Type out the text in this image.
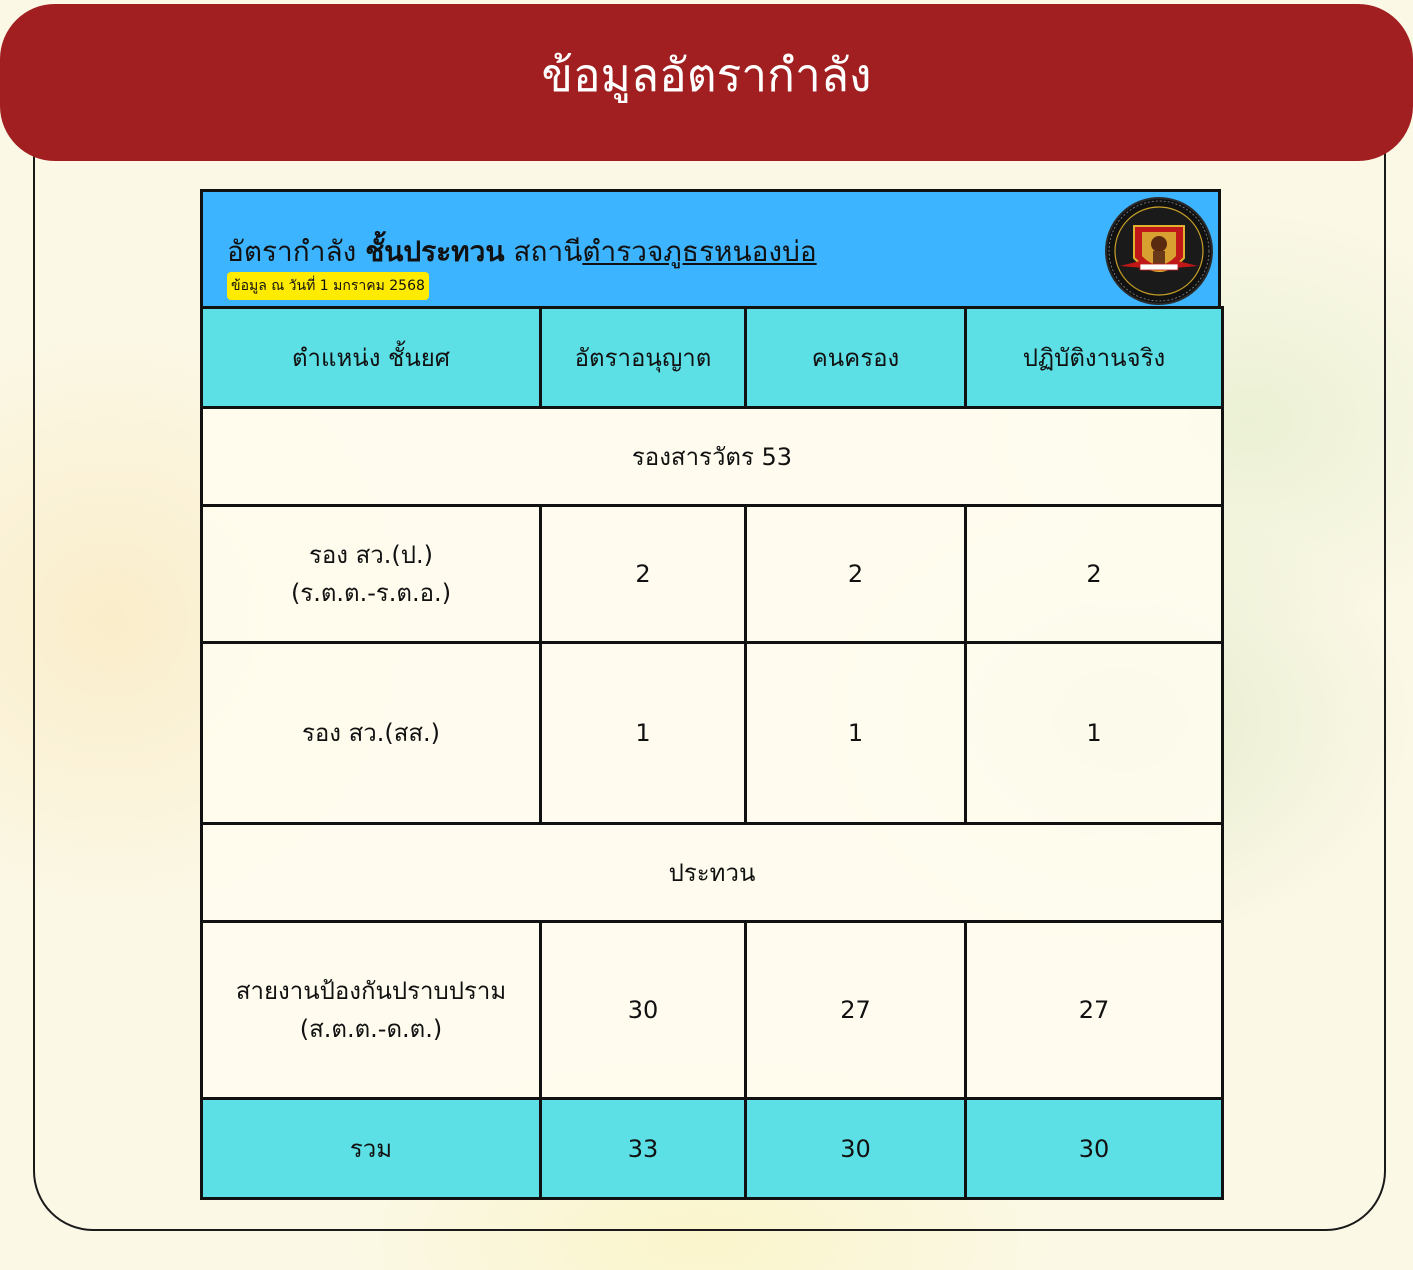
ข้อมูลอัตรากำลัง
อัตรากำลัง ชั้นประทวน สถานีตำรวจภูธรหนองบ่อ
ข้อมูล ณ วันที่ 1 มกราคม 2568
ตำแหน่ง ชั้นยศ	อัตราอนุญาต	คนครอง	ปฏิบัติงานจริง
รองสารวัตร 53			

รอง สว.(ป.)
(ร.ต.ต.-ร.ต.อ.)	2	2	2

รอง สว.(สส.)	1	1	1
ประทวน			

สายงานป้องกันปราบปราม
(ส.ต.ต.-ด.ต.)	30	27	27
รวม	33	30	30
